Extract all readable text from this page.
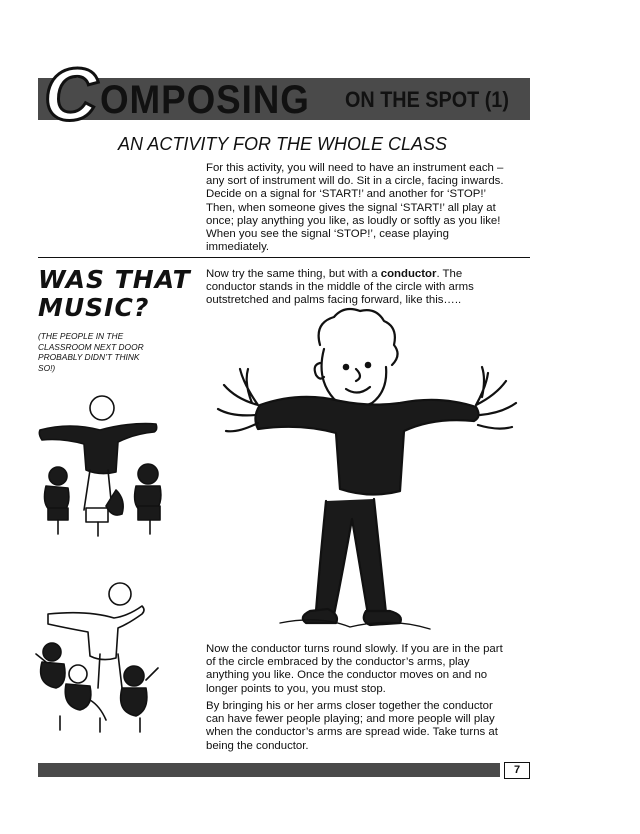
OMPOSING ON THE SPOT (1)
C
AN ACTIVITY FOR THE WHOLE CLASS
For this activity, you will need to have an instrument each –
any sort of instrument will do. Sit in a circle, facing inwards.
Decide on a signal for ‘START!’ and another for ‘STOP!’
Then, when someone gives the signal ‘START!’ all play at
once; play anything you like, as loudly or softly as you like!
When you see the signal ‘STOP!’, cease playing
immediately.
WAS THAT
MUSIC?
(THE PEOPLE IN THE
CLASSROOM NEXT DOOR
PROBABLY DIDN’T THINK
SO!)
Now try the same thing, but with a conductor. The
conductor stands in the middle of the circle with arms
outstretched and palms facing forward, like this…..
Now the conductor turns round slowly. If you are in the part
of the circle embraced by the conductor’s arms, play
anything you like. Once the conductor moves on and no
longer points to you, you must stop.
By bringing his or her arms closer together the conductor
can have fewer people playing; and more people will play
when the conductor’s arms are spread wide. Take turns at
being the conductor.
7
